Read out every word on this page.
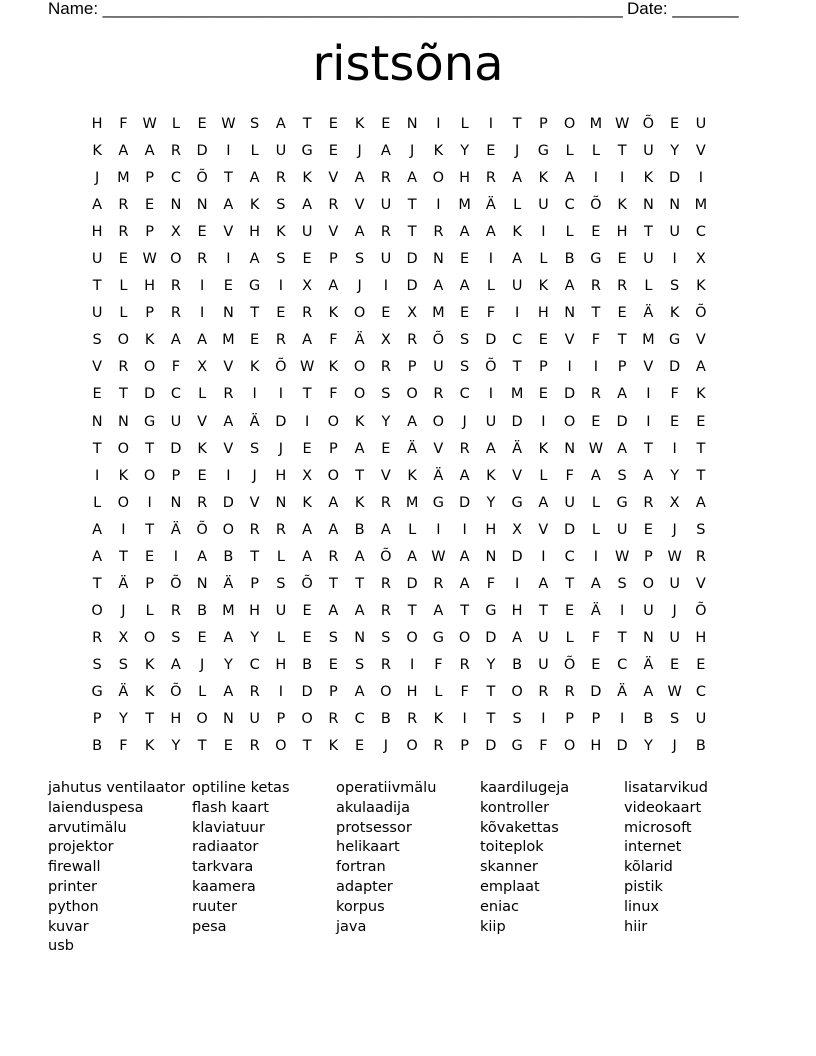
Name: _______________________________________________________ Date: _______
ristsõna
H	F	W	L	E	W S	A	T	E	K	E	N	I	L	I	T	P	O M W Õ	E	U
K	A	A	R	D	I	L	U	G	E	J	A	J	K	Y	E	J	G	L	L	T	U	Y	V
J	M	P	C	Õ	T	A	R	K	V	A	R	A	O	H	R	A	K	A	I	I	K	D	I
A	R	E	N	N	A	K	S	A	R	V	U	T	I	M	Ä	L	U	C	Õ	K	N	N	M
H	R	P	X	E	V	H	K	U	V	A	R	T	R	A	A	K	I	L	E	H	T	U	C
U	E	W O	R	I	A	S	E	P	S	U	D	N	E	I	A	L	B	G	E	U	I	X
T	L	H	R	I	E	G	I	X	A	J	I	D	A	A	L	U	K	A	R	R	L	S	K
U	L	P	R	I	N	T	E	R	K	O	E	X	M	E	F	I	H	N	T	E	Ä	K	Õ
S	O	K	A	A	M	E	R	A	F	Ä	X	R	Õ	S	D	C	E	V	F	T	M G	V
V	R	O	F	X	V	K	Õ W K	O	R	P	U	S	Õ	T	P	I	I	P	V	D	A
E	T	D	C	L	R	I	I	T	F	O	S	O	R	C	I	M	E	D	R	A	I	F	K
N	N	G	U	V	A	Ä	D	I	O	K	Y	A	O	J	U	D	I	O	E	D	I	E	E
T	O	T	D	K	V	S	J	E	P	A	E	Ä	V	R	A	Ä	K	N W A	T	I	T
I	K	O	P	E	I	J	H	X	O	T	V	K	Ä	A	K	V	L	F	A	S	A	Y	T
L	O	I	N	R	D	V	N	K	A	K	R	M G	D	Y	G	A	U	L	G	R	X	A
A	I	T	Ä	Õ	O	R	R	A	A	B	A	L	I	I	H	X	V	D	L	U	E	J	S
A	T	E	I	A	B	T	L	A	R	A	Õ	A W A	N	D	I	C	I	W	P	W R
T	Ä	P	Õ	N	Ä	P	S	Õ	T	T	R	D	R	A	F	I	A	T	A	S	O	U	V
O	J	L	R	B	M	H	U	E	A	A	R	T	A	T	G	H	T	E	Ä	I	U	J	Õ
R	X	O	S	E	A	Y	L	E	S	N	S	O	G	O	D	A	U	L	F	T	N	U	H
S	S	K	A	J	Y	C	H	B	E	S	R	I	F	R	Y	B	U	Õ	E	C	Ä	E	E
G	Ä	K	Õ	L	A	R	I	D	P	A	O	H	L	F	T	O	R	R	D	Ä	A W C
P	Y	T	H	O	N	U	P	O	R	C	B	R	K	I	T	S	I	P	P	I	B	S	U
B	F	K	Y	T	E	R	O	T	K	E	J	O	R	P	D	G	F	O	H	D	Y	J	B
jahutus ventilaator
laienduspesa
arvutimälu
projektor
firewall
printer
python
kuvar
usb
optiline ketas
flash kaart
klaviatuur
radiaator
tarkvara
kaamera
ruuter
pesa
operatiivmälu
akulaadija
protsessor
helikaart
fortran
adapter
korpus
java
kaardilugeja
kontroller
kõvakettas
toiteplok
skanner
emplaat
eniac
kiip
lisatarvikud
videokaart
microsoft
internet
kõlarid
pistik
linux
hiir
